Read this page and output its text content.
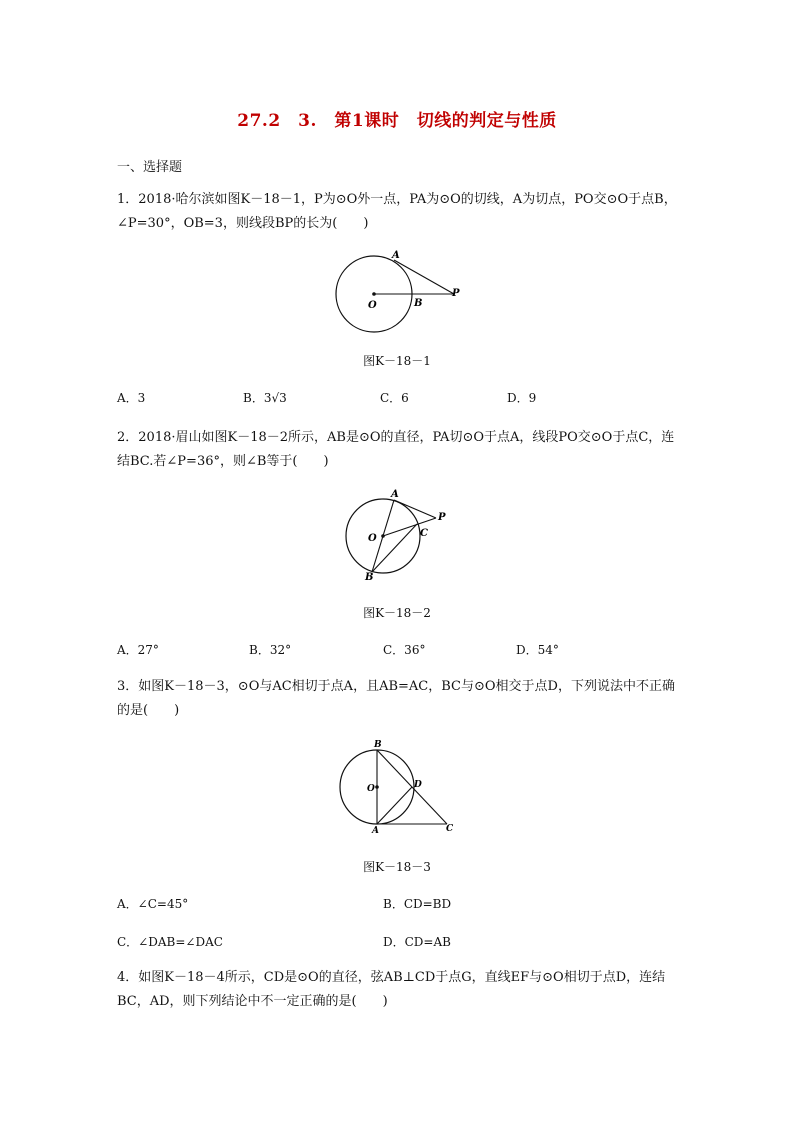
27.2　3.　第1课时　切线的判定与性质
一、选择题
1．2018·哈尔滨如图K－18－1，P为⊙O外一点，PA为⊙O的切线，A为切点，PO交⊙O于点B，∠P=30°，OB=3，则线段BP的长为(　　)
A
O	B
P
图K－18－1
A．3	B．3√3	C．6	D．9
2．2018·眉山如图K－18－2所示，AB是⊙O的直径，PA切⊙O于点A，线段PO交⊙O于点C，连结BC.若∠P=36°，则∠B等于(　　)
A
O
B
P
C
图K－18－2
A．27°	B．32°	C．36°	D．54°
3．如图K－18－3，⊙O与AC相切于点A，且AB=AC，BC与⊙O相交于点D，下列说法中不正确的是(　　)
B
O	D
A	C
图K－18－3
A．∠C=45°	B．CD=BD
C．∠DAB=∠DAC	D．CD=AB
4．如图K－18－4所示，CD是⊙O的直径，弦AB⊥CD于点G，直线EF与⊙O相切于点D，连结BC，AD，则下列结论中不一定正确的是(　　)
